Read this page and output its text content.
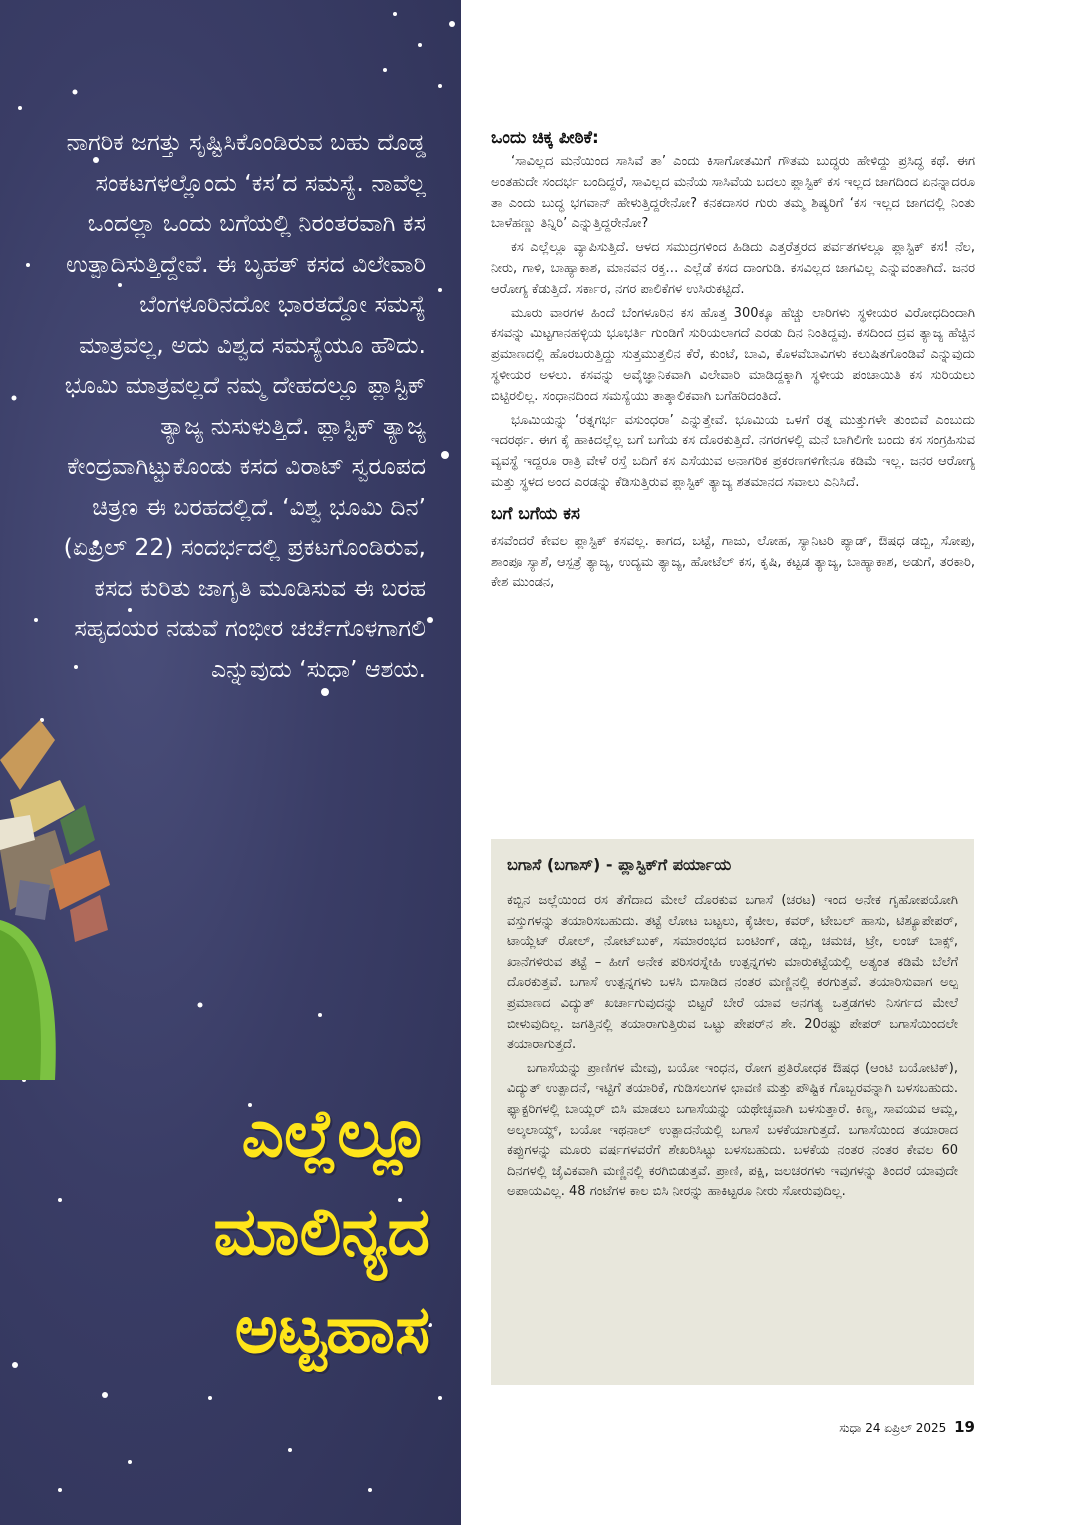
ನಾಗರಿಕ ಜಗತ್ತು ಸೃಷ್ಟಿಸಿಕೊಂಡಿರುವ ಬಹು ದೊಡ್ಡ ಸಂಕಟಗಳಲ್ಲೊಂದು ‘ಕಸ’ದ ಸಮಸ್ಯೆ. ನಾವೆಲ್ಲ ಒಂದಲ್ಲಾ ಒಂದು ಬಗೆಯಲ್ಲಿ ನಿರಂತರವಾಗಿ ಕಸ ಉತ್ಪಾದಿಸುತ್ತಿದ್ದೇವೆ. ಈ ಬೃಹತ್ ಕಸದ ವಿಲೇವಾರಿ ಬೆಂಗಳೂರಿನದೋ ಭಾರತದ್ದೋ ಸಮಸ್ಯೆ ಮಾತ್ರವಲ್ಲ, ಅದು ವಿಶ್ವದ ಸಮಸ್ಯೆಯೂ ಹೌದು. ಭೂಮಿ ಮಾತ್ರವಲ್ಲದೆ ನಮ್ಮ ದೇಹದಲ್ಲೂ ಪ್ಲಾಸ್ಟಿಕ್ ತ್ಯಾಜ್ಯ ನುಸುಳುತ್ತಿದೆ. ಪ್ಲಾಸ್ಟಿಕ್ ತ್ಯಾಜ್ಯ ಕೇಂದ್ರವಾಗಿಟ್ಟುಕೊಂಡು ಕಸದ ವಿರಾಟ್ ಸ್ವರೂಪದ ಚಿತ್ರಣ ಈ ಬರಹದಲ್ಲಿದೆ. ‘ವಿಶ್ವ ಭೂಮಿ ದಿನ’ (ಏಪ್ರಿಲ್ 22) ಸಂದರ್ಭದಲ್ಲಿ ಪ್ರಕಟಗೊಂಡಿರುವ, ಕಸದ ಕುರಿತು ಜಾಗೃತಿ ಮೂಡಿಸುವ ಈ ಬರಹ ಸಹೃದಯರ ನಡುವೆ ಗಂಭೀರ ಚರ್ಚೆಗೊಳಗಾಗಲಿ ಎನ್ನುವುದು ‘ಸುಧಾ’ ಆಶಯ.

ಎಲ್ಲೆಲ್ಲೂ
ಮಾಲಿನ್ಯದ
ಅಟ್ಟಹಾಸ
ಒಂದು ಚಿಕ್ಕ ಪೀಠಿಕೆ:

‘ಸಾವಿಲ್ಲದ ಮನೆಯಿಂದ ಸಾಸಿವೆ ತಾ’ ಎಂದು ಕಿಸಾಗೋತಮಿಗೆ ಗೌತಮ ಬುದ್ಧರು ಹೇಳಿದ್ದು ಪ್ರಸಿದ್ಧ ಕಥೆ. ಈಗ ಅಂತಹುದೇ ಸಂದರ್ಭ ಬಂದಿದ್ದರೆ, ಸಾವಿಲ್ಲದ ಮನೆಯ ಸಾಸಿವೆಯ ಬದಲು ಪ್ಲಾಸ್ಟಿಕ್ ಕಸ ಇಲ್ಲದ ಜಾಗದಿಂದ ಏನನ್ನಾದರೂ ತಾ ಎಂದು ಬುದ್ಧ ಭಗವಾನ್ ಹೇಳುತ್ತಿದ್ದರೇನೋ? ಕನಕದಾಸರ ಗುರು ತಮ್ಮ ಶಿಷ್ಯರಿಗೆ ‘ಕಸ ಇಲ್ಲದ ಜಾಗದಲ್ಲಿ ನಿಂತು ಬಾಳೆಹಣ್ಣು ತಿನ್ನಿರಿ’ ಎನ್ನುತ್ತಿದ್ದರೇನೋ?

ಕಸ ಎಲ್ಲೆಲ್ಲೂ ವ್ಯಾಪಿಸುತ್ತಿದೆ. ಆಳದ ಸಮುದ್ರಗಳಿಂದ ಹಿಡಿದು ಎತ್ತರೆತ್ತರದ ಪರ್ವತಗಳಲ್ಲೂ ಪ್ಲಾಸ್ಟಿಕ್ ಕಸ! ನೆಲ, ನೀರು, ಗಾಳಿ, ಬಾಹ್ಯಾಕಾಶ, ಮಾನವನ ರಕ್ತ… ಎಲ್ಲೆಡೆ ಕಸದ ದಾಂಗುಡಿ. ಕಸವಿಲ್ಲದ ಜಾಗವಿಲ್ಲ ಎನ್ನುವಂತಾಗಿದೆ. ಜನರ ಆರೋಗ್ಯ ಕೆಡುತ್ತಿದೆ. ಸರ್ಕಾರ, ನಗರ ಪಾಲಿಕೆಗಳ ಉಸಿರುಕಟ್ಟಿದೆ.

ಮೂರು ವಾರಗಳ ಹಿಂದೆ ಬೆಂಗಳೂರಿನ ಕಸ ಹೊತ್ತ 300ಕ್ಕೂ ಹೆಚ್ಚು ಲಾರಿಗಳು ಸ್ಥಳೀಯರ ವಿರೋಧದಿಂದಾಗಿ ಕಸವನ್ನು ಮಿಟ್ಟಗಾನಹಳ್ಳಿಯ ಭೂಭರ್ತಿ ಗುಂಡಿಗೆ ಸುರಿಯಲಾಗದೆ ಎರಡು ದಿನ ನಿಂತಿದ್ದವು. ಕಸದಿಂದ ದ್ರವ ತ್ಯಾಜ್ಯ ಹೆಚ್ಚಿನ ಪ್ರಮಾಣದಲ್ಲಿ ಹೊರಬರುತ್ತಿದ್ದು ಸುತ್ತಮುತ್ತಲಿನ ಕೆರೆ, ಕುಂಟೆ, ಬಾವಿ, ಕೊಳವೆಬಾವಿಗಳು ಕಲುಷಿತಗೊಂಡಿವೆ ಎನ್ನುವುದು ಸ್ಥಳೀಯರ ಅಳಲು. ಕಸವನ್ನು ಅವೈಜ್ಞಾನಿಕವಾಗಿ ವಿಲೇವಾರಿ ಮಾಡಿದ್ದಕ್ಕಾಗಿ ಸ್ಥಳೀಯ ಪಂಚಾಯಿತಿ ಕಸ ಸುರಿಯಲು ಬಿಟ್ಟಿರಲಿಲ್ಲ. ಸಂಧಾನದಿಂದ ಸಮಸ್ಯೆಯು ತಾತ್ಕಾಲಿಕವಾಗಿ ಬಗೆಹರಿದಂತಿದೆ.

ಭೂಮಿಯನ್ನು ‘ರತ್ನಗರ್ಭ ವಸುಂಧರಾ’ ಎನ್ನುತ್ತೇವೆ. ಭೂಮಿಯ ಒಳಗೆ ರತ್ನ ಮುತ್ತುಗಳೇ ತುಂಬಿವೆ ಎಂಬುದು ಇದರರ್ಥ. ಈಗ ಕೈ ಹಾಕಿದಲ್ಲೆಲ್ಲ ಬಗೆ ಬಗೆಯ ಕಸ ದೊರಕುತ್ತಿದೆ. ನಗರಗಳಲ್ಲಿ ಮನೆ ಬಾಗಿಲಿಗೇ ಬಂದು ಕಸ ಸಂಗ್ರಹಿಸುವ ವ್ಯವಸ್ಥೆ ಇದ್ದರೂ ರಾತ್ರಿ ವೇಳೆ ರಸ್ತೆ ಬದಿಗೆ ಕಸ ಎಸೆಯುವ ಅನಾಗರಿಕ ಪ್ರಕರಣಗಳಿಗೇನೂ ಕಡಿಮೆ ಇಲ್ಲ. ಜನರ ಆರೋಗ್ಯ ಮತ್ತು ಸ್ಥಳದ ಅಂದ ಎರಡನ್ನು ಕೆಡಿಸುತ್ತಿರುವ ಪ್ಲಾಸ್ಟಿಕ್ ತ್ಯಾಜ್ಯ ಶತಮಾನದ ಸವಾಲು ಎನಿಸಿದೆ.

ಬಗೆ ಬಗೆಯ ಕಸ

ಕಸವೆಂದರೆ ಕೇವಲ ಪ್ಲಾಸ್ಟಿಕ್ ಕಸವಲ್ಲ. ಕಾಗದ, ಬಟ್ಟೆ, ಗಾಜು, ಲೋಹ, ಸ್ಯಾನಿಟರಿ ಪ್ಯಾಡ್, ಔಷಧ ಡಬ್ಬಿ, ಸೋಪು, ಶಾಂಪೂ ಸ್ಯಾಶೆ, ಆಸ್ಪತ್ರೆ ತ್ಯಾಜ್ಯ, ಉದ್ಯಮ ತ್ಯಾಜ್ಯ, ಹೋಟೆಲ್ ಕಸ, ಕೃಷಿ, ಕಟ್ಟಡ ತ್ಯಾಜ್ಯ, ಬಾಹ್ಯಾಕಾಶ, ಅಡುಗೆ, ತರಕಾರಿ, ಕೇಶ ಮುಂಡನ,

ಬಗಾಸೆ (ಬಗಾಸ್) - ಪ್ಲಾಸ್ಟಿಕ್‌ಗೆ ಪರ್ಯಾಯ

ಕಬ್ಬಿನ ಜಲ್ಲೆಯಿಂದ ರಸ ತೆಗೆದಾದ ಮೇಲೆ ದೊರಕುವ ಬಗಾಸೆ (ಚರಟ) ಇಂದ ಅನೇಕ ಗೃಹೋಪಯೋಗಿ ವಸ್ತುಗಳನ್ನು ತಯಾರಿಸಬಹುದು. ತಟ್ಟೆ ಲೋಟ ಬಟ್ಟಲು, ಕೈಚೀಲ, ಕವರ್, ಟೇಬಲ್ ಹಾಸು, ಟಿಶ್ಯೂಪೇಪರ್, ಟಾಯ್ಲೆಟ್ ರೋಲ್, ನೋಟ್‌ಬುಕ್, ಸಮಾರಂಭದ ಬಂಟಿಂಗ್, ಡಬ್ಬಿ, ಚಮಚ, ಟ್ರೇ, ಲಂಚ್ ಬಾಕ್ಸ್, ಖಾನೆಗಳಿರುವ ತಟ್ಟೆ – ಹೀಗೆ ಅನೇಕ ಪರಿಸರಸ್ನೇಹಿ ಉತ್ಪನ್ನಗಳು ಮಾರುಕಟ್ಟೆಯಲ್ಲಿ ಅತ್ಯಂತ ಕಡಿಮೆ ಬೆಲೆಗೆ ದೊರಕುತ್ತವೆ. ಬಗಾಸೆ ಉತ್ಪನ್ನಗಳು ಬಳಸಿ ಬಿಸಾಡಿದ ನಂತರ ಮಣ್ಣಿನಲ್ಲಿ ಕರಗುತ್ತವೆ. ತಯಾರಿಸುವಾಗ ಅಲ್ಪ ಪ್ರಮಾಣದ ವಿದ್ಯುತ್ ಖರ್ಚಾಗುವುದನ್ನು ಬಿಟ್ಟರೆ ಬೇರೆ ಯಾವ ಅನಗತ್ಯ ಒತ್ತಡಗಳು ನಿಸರ್ಗದ ಮೇಲೆ ಬೀಳುವುದಿಲ್ಲ. ಜಗತ್ತಿನಲ್ಲಿ ತಯಾರಾಗುತ್ತಿರುವ ಒಟ್ಟು ಪೇಪರ್‌ನ ಶೇ. 20ರಷ್ಟು ಪೇಪರ್ ಬಗಾಸೆಯಿಂದಲೇ ತಯಾರಾಗುತ್ತದೆ.

ಬಗಾಸೆಯನ್ನು ಪ್ರಾಣಿಗಳ ಮೇವು, ಬಯೋ ಇಂಧನ, ರೋಗ ಪ್ರತಿರೋಧಕ ಔಷಧ (ಆಂಟಿ ಬಯೋಟಿಕ್), ವಿದ್ಯುತ್ ಉತ್ಪಾದನೆ, ಇಟ್ಟಿಗೆ ತಯಾರಿಕೆ, ಗುಡಿಸಲುಗಳ ಛಾವಣಿ ಮತ್ತು ಪೌಷ್ಟಿಕ ಗೊಬ್ಬರವನ್ನಾಗಿ ಬಳಸಬಹುದು. ಫ್ಯಾಕ್ಟರಿಗಳಲ್ಲಿ ಬಾಯ್ಲರ್ ಬಿಸಿ ಮಾಡಲು ಬಗಾಸೆಯನ್ನು ಯಥೇಚ್ಛವಾಗಿ ಬಳಸುತ್ತಾರೆ. ಕಿಣ್ವ, ಸಾವಯವ ಆಮ್ಲ, ಅಲ್ಕಲಾಯ್ಡ್, ಬಯೋ ಇಥನಾಲ್ ಉತ್ಪಾದನೆಯಲ್ಲಿ ಬಗಾಸೆ ಬಳಕೆಯಾಗುತ್ತದೆ. ಬಗಾಸೆಯಿಂದ ತಯಾರಾದ ಕಪ್ಪುಗಳನ್ನು ಮೂರು ವರ್ಷಗಳವರೆಗೆ ಶೇಖರಿಸಿಟ್ಟು ಬಳಸಬಹುದು. ಬಳಕೆಯ ನಂತರ ನಂತರ ಕೇವಲ 60 ದಿನಗಳಲ್ಲಿ ಜೈವಿಕವಾಗಿ ಮಣ್ಣಿನಲ್ಲಿ ಕರಗಿಬಿಡುತ್ತವೆ. ಪ್ರಾಣಿ, ಪಕ್ಷಿ, ಜಲಚರಗಳು ಇವುಗಳನ್ನು ತಿಂದರೆ ಯಾವುದೇ ಅಪಾಯವಿಲ್ಲ. 48 ಗಂಟೆಗಳ ಕಾಲ ಬಿಸಿ ನೀರನ್ನು ಹಾಕಿಟ್ಟರೂ ನೀರು ಸೋರುವುದಿಲ್ಲ.

ಸುಧಾ 24 ಏಪ್ರಿಲ್ 2025 19
